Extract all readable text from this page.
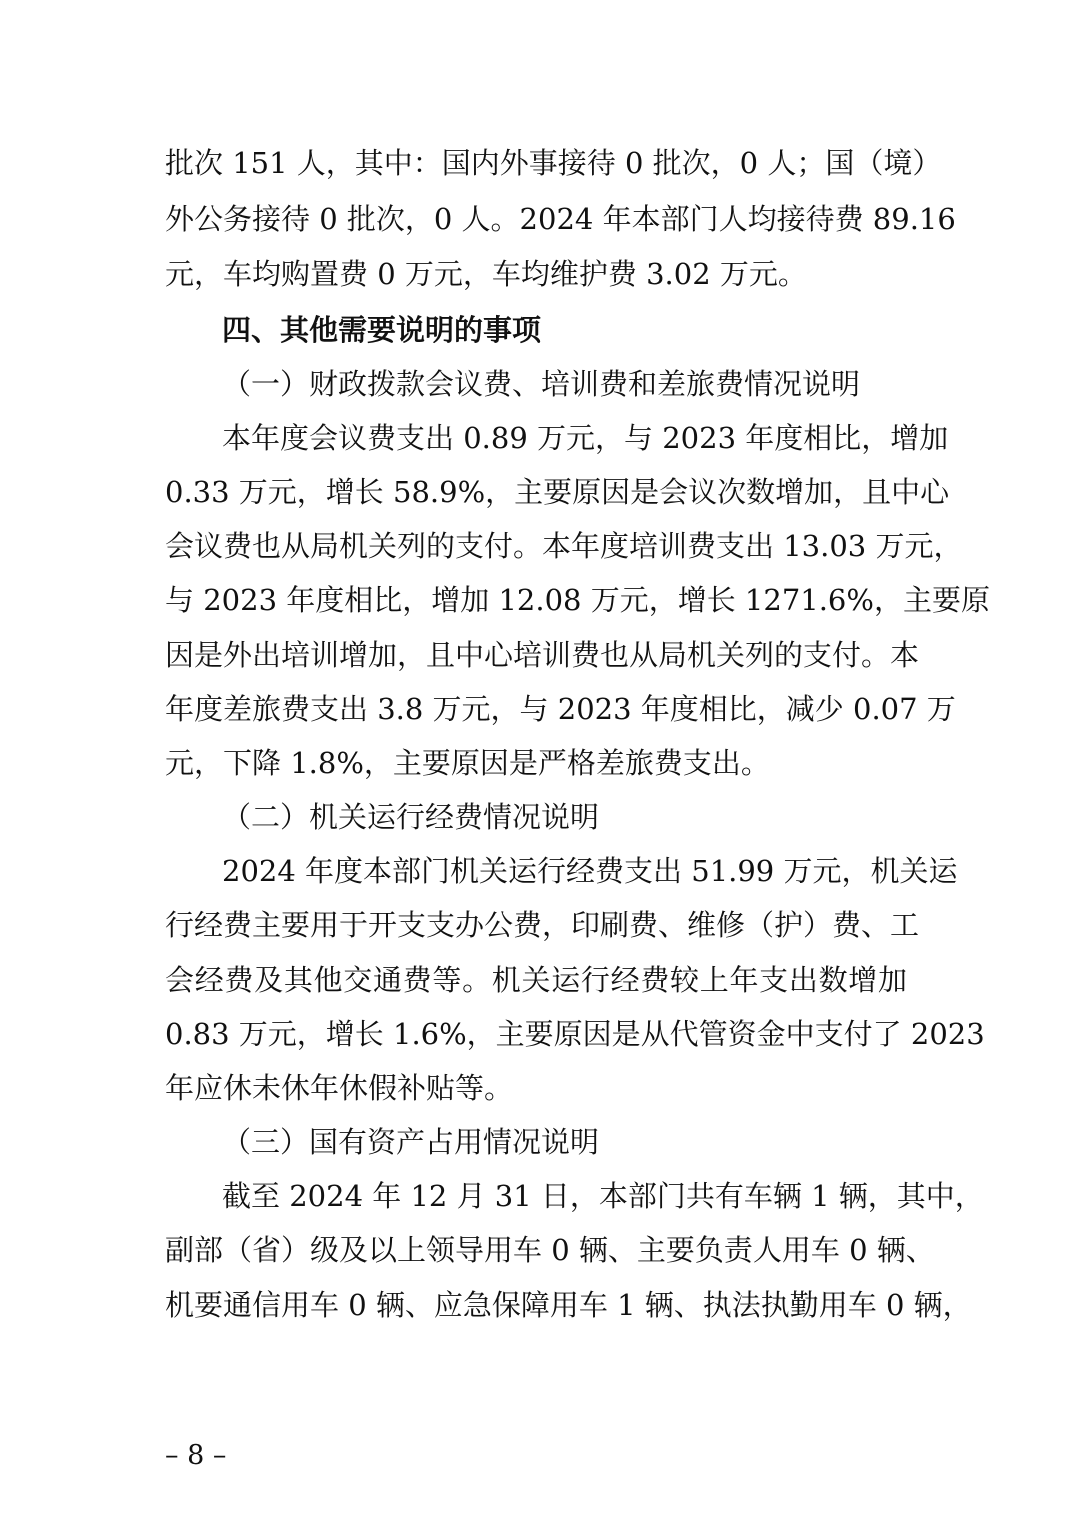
批次 151 人，其中：国内外事接待 0 批次，0 人；国（境）
外公务接待 0 批次，0 人。2024 年本部门人均接待费 89.16
元，车均购置费 0 万元，车均维护费 3.02 万元。
四、其他需要说明的事项
（一）财政拨款会议费、培训费和差旅费情况说明
本年度会议费支出 0.89 万元，与 2023 年度相比，增加
0.33 万元，增长 58.9%，主要原因是会议次数增加，且中心
会议费也从局机关列的支付。本年度培训费支出 13.03 万元，
与 2023 年度相比，增加 12.08 万元，增长 1271.6%，主要原
因是外出培训增加，且中心培训费也从局机关列的支付。本
年度差旅费支出 3.8 万元，与 2023 年度相比，减少 0.07 万
元，下降 1.8%，主要原因是严格差旅费支出。
（二）机关运行经费情况说明
2024 年度本部门机关运行经费支出 51.99 万元，机关运
行经费主要用于开支支办公费，印刷费、维修（护）费、工
会经费及其他交通费等。机关运行经费较上年支出数增加
0.83 万元，增长 1.6%，主要原因是从代管资金中支付了 2023
年应休未休年休假补贴等。
（三）国有资产占用情况说明
截至 2024 年 12 月 31 日，本部门共有车辆 1 辆，其中，
副部（省）级及以上领导用车 0 辆、主要负责人用车 0 辆、
机要通信用车 0 辆、应急保障用车 1 辆、执法执勤用车 0 辆，
– 8 –
